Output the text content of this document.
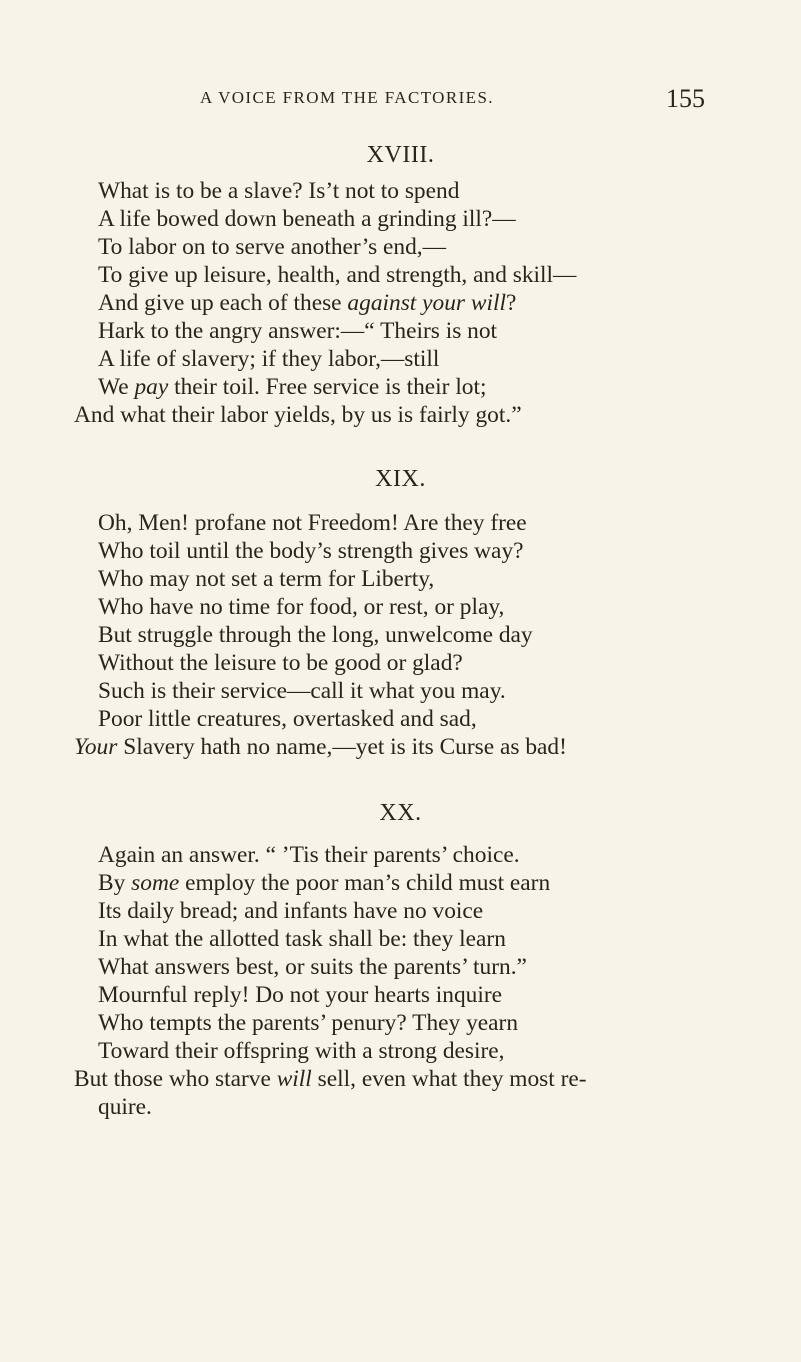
A VOICE FROM THE FACTORIES.	155
XVIII.
What is to be a slave? Is’t not to spend
A life bowed down beneath a grinding ill?—
To labor on to serve another’s end,—
To give up leisure, health, and strength, and skill—
And give up each of these against your will?
Hark to the angry answer:—“ Theirs is not
A life of slavery; if they labor,—still
We pay their toil. Free service is their lot;
And what their labor yields, by us is fairly got.”
XIX.
Oh, Men! profane not Freedom! Are they free
Who toil until the body’s strength gives way?
Who may not set a term for Liberty,
Who have no time for food, or rest, or play,
But struggle through the long, unwelcome day
Without the leisure to be good or glad?
Such is their service—call it what you may.
Poor little creatures, overtasked and sad,
Your Slavery hath no name,—yet is its Curse as bad!
XX.
Again an answer. “ ’Tis their parents’ choice.
By some employ the poor man’s child must earn
Its daily bread; and infants have no voice
In what the allotted task shall be: they learn
What answers best, or suits the parents’ turn.”
Mournful reply! Do not your hearts inquire
Who tempts the parents’ penury? They yearn
Toward their offspring with a strong desire,
But those who starve will sell, even what they most re-
quire.
